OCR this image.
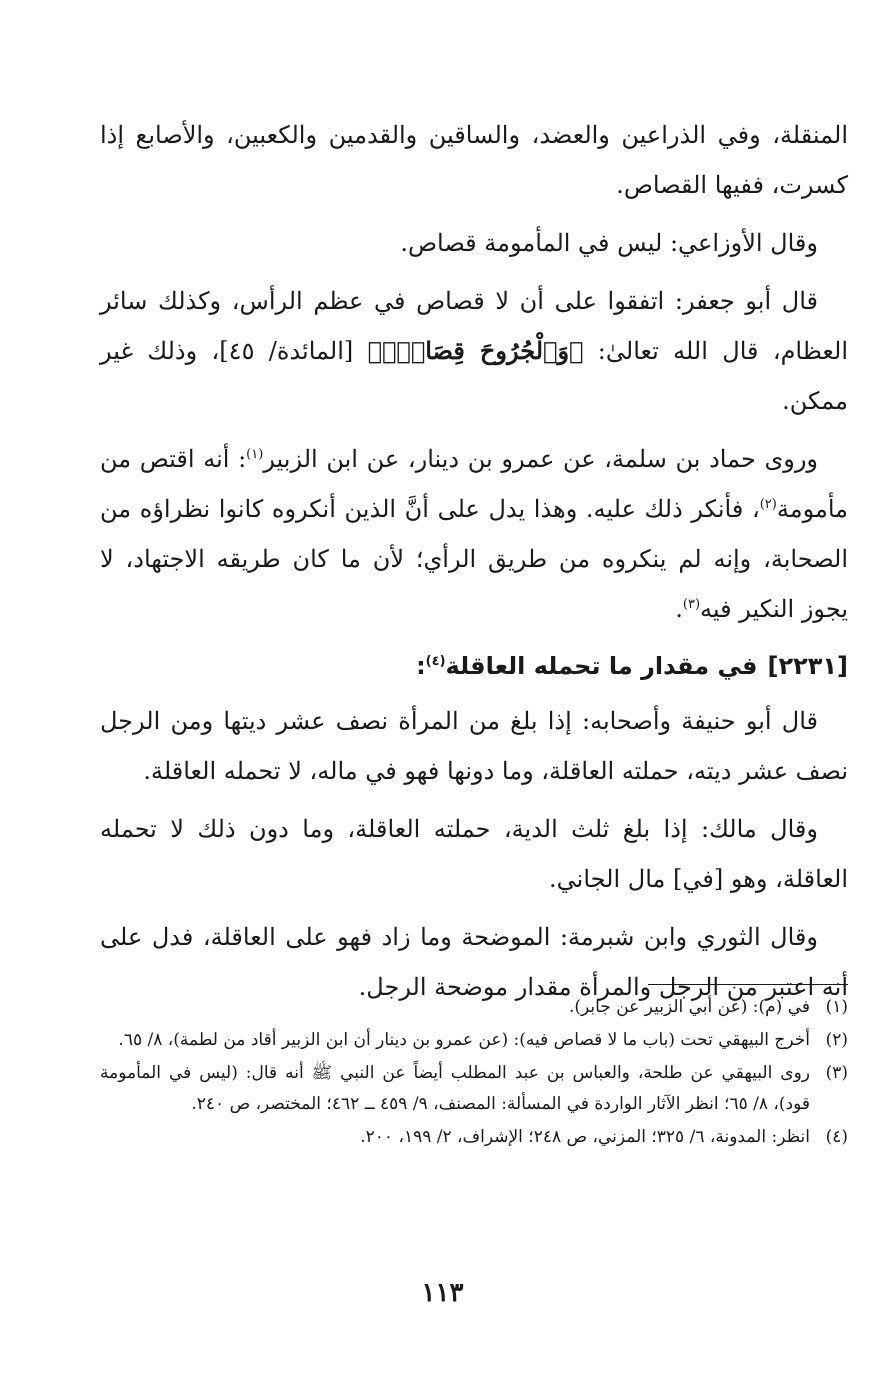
المنقلة، وفي الذراعين والعضد، والساقين والقدمين والكعبين، والأصابع إذا كسرت، ففيها القصاص.

وقال الأوزاعي: ليس في المأمومة قصاص.

قال أبو جعفر: اتفقوا على أن لا قصاص في عظم الرأس، وكذلك سائر العظام، قال الله تعالىٰ: ﴿وَٱلْجُرُوحَ قِصَاصٌۚ﴾ [المائدة/ ٤٥]، وذلك غير ممكن.

وروى حماد بن سلمة، عن عمرو بن دينار، عن ابن الزبير$^{(١)}$: أنه اقتص من مأمومة$^{(٢)}$، فأنكر ذلك عليه. وهذا يدل على أنَّ الذين أنكروه كانوا نظراؤه من الصحابة، وإنه لم ينكروه من طريق الرأي؛ لأن ما كان طريقه الاجتهاد، لا يجوز النكير فيه$^{(٣)}$.

[٢٢٣١]في مقدار ما تحمله العاقلة$^{(٤)}$:

قال أبو حنيفة وأصحابه: إذا بلغ من المرأة نصف عشر ديتها ومن الرجل نصف عشر ديته، حملته العاقلة، وما دونها فهو في ماله، لا تحمله العاقلة.

وقال مالك: إذا بلغ ثلث الدية، حملته العاقلة، وما دون ذلك لا تحمله العاقلة، وهو [في] مال الجاني.

وقال الثوري وابن شبرمة: الموضحة وما زاد فهو على العاقلة، فدل على أنه اعتبر من الرجل والمرأة مقدار موضحة الرجل.

(١)
في (م): (عن أبي الزبير عن جابر).
(٢)
أخرج البيهقي تحت (باب ما لا قصاص فيه): (عن عمرو بن دينار أن ابن الزبير أقاد من لطمة)، ٨/ ٦٥.
(٣)
روى البيهقي عن طلحة، والعباس بن عبد المطلب أيضاً عن النبي ﷺ أنه قال: (ليس في المأمومة قود)، ٨/ ٦٥؛ انظر الآثار الواردة في المسألة: المصنف، ٩/ ٤٥٩ ــ ٤٦٢؛ المختصر، ص ٢٤٠.
(٤)
انظر: المدونة، ٦/ ٣٢٥؛ المزني، ص ٢٤٨؛ الإشراف، ٢/ ١٩٩، ٢٠٠.
١١٣
